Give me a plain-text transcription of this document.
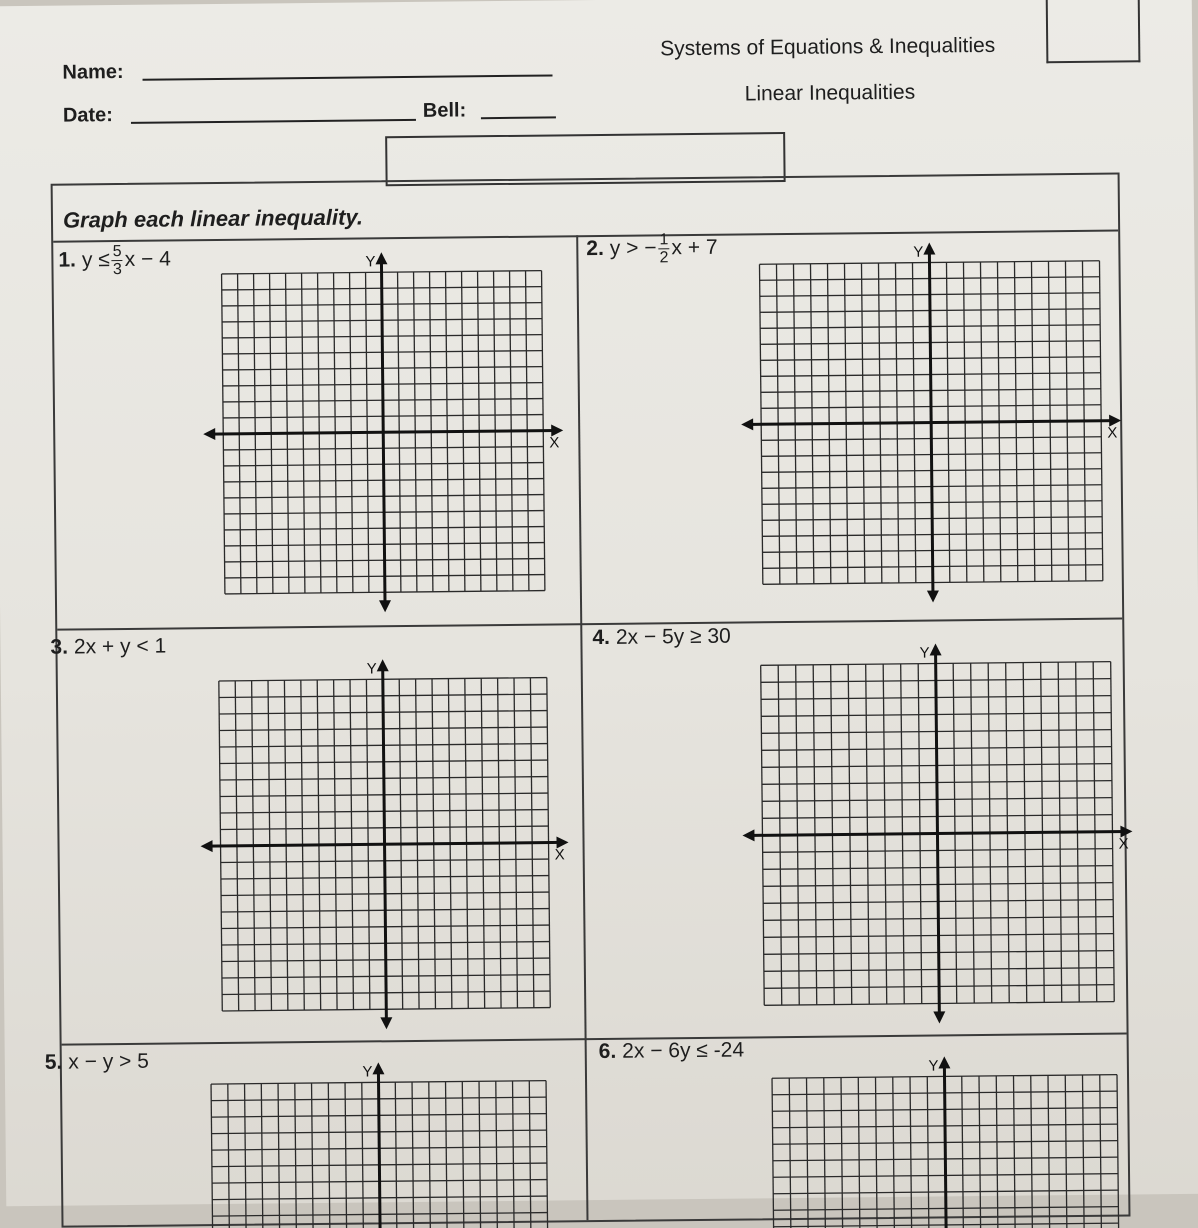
Name:
Date:	Bell:
Systems of Equations & Inequalities
Linear Inequalities
Graph each linear inequality.
1. $y \le \frac{5}{3}$ x − 4	2. y > − $\frac{1}{2}$ x + 7
3. 2x + y < 1	4. 2x − 5y ≥ 30
5. x − y > 5	6. 2x − 6y ≤ -24
Y
X
Y
X
Y
X
Y
X
Y	Y
